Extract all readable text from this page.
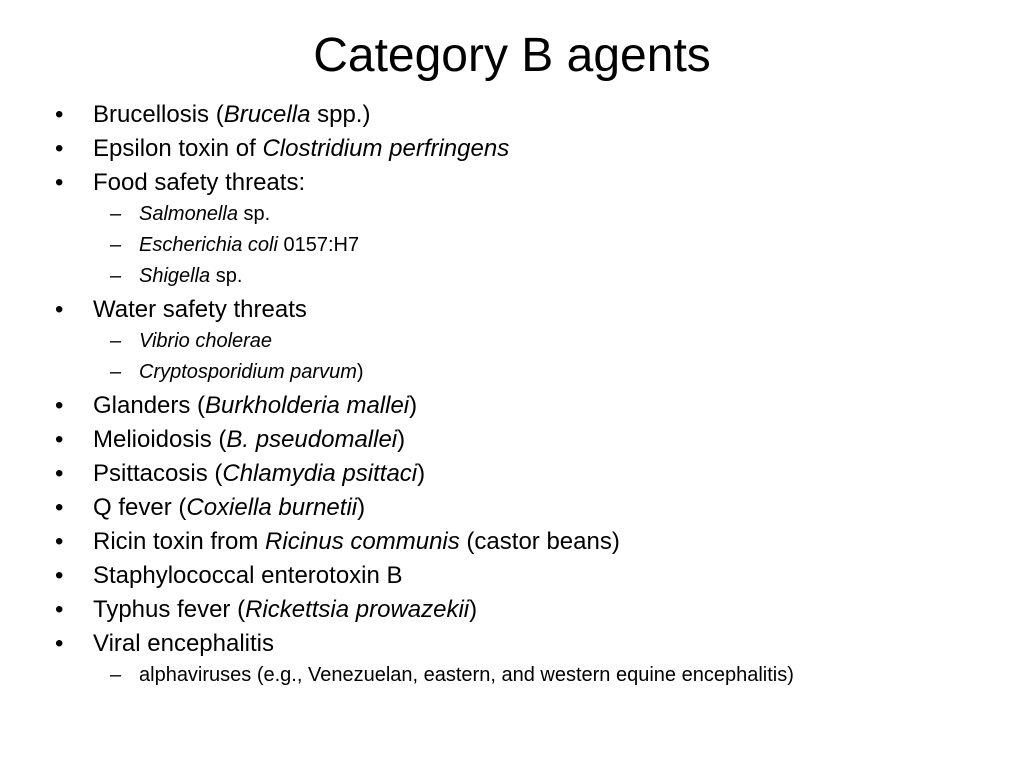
Category B agents
• Brucellosis (Brucella spp.)
• Epsilon toxin of Clostridium perfringens
• Food safety threats:
– Salmonella sp.
– Escherichia coli 0157:H7
– Shigella sp.
• Water safety threats
– Vibrio cholerae
– Cryptosporidium parvum)
• Glanders (Burkholderia mallei)
• Melioidosis (B. pseudomallei)
• Psittacosis (Chlamydia psittaci)
• Q fever (Coxiella burnetii)
• Ricin toxin from Ricinus communis (castor beans)
• Staphylococcal enterotoxin B
• Typhus fever (Rickettsia prowazekii)
• Viral encephalitis
– alphaviruses (e.g., Venezuelan, eastern, and western equine encephalitis)
